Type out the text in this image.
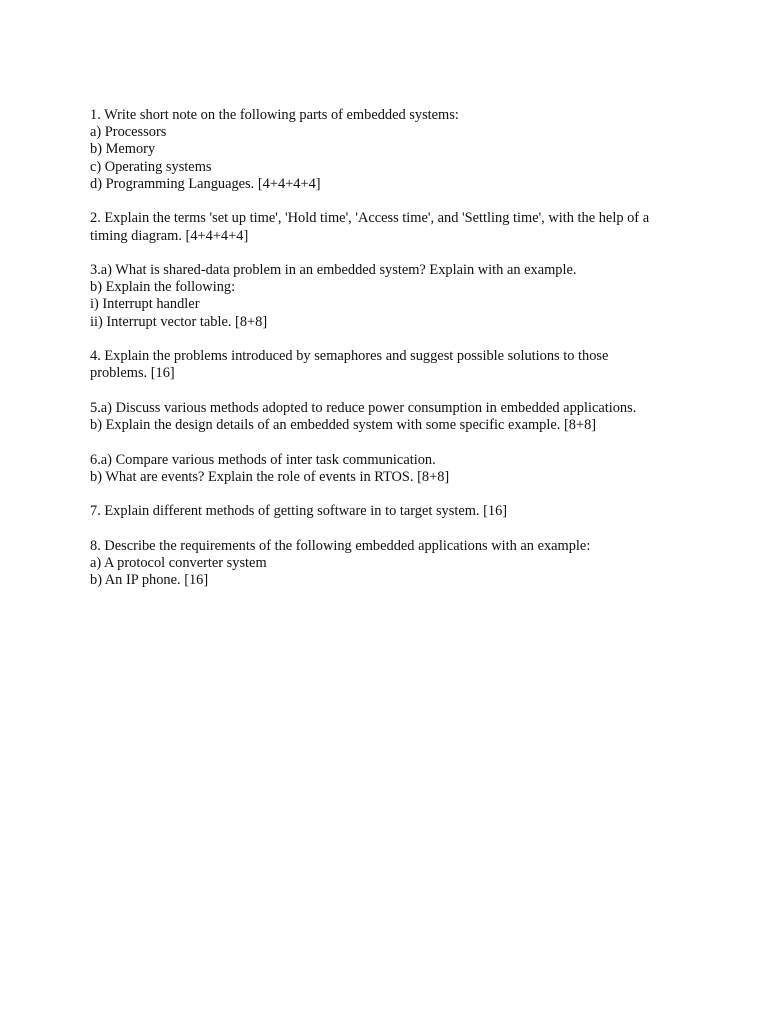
1. Write short note on the following parts of embedded systems:
a) Processors
b) Memory
c) Operating systems
d) Programming Languages. [4+4+4+4]
2. Explain the terms 'set up time', 'Hold time', 'Access time', and 'Settling time', with the help of a
timing diagram. [4+4+4+4]
3.a) What is shared-data problem in an embedded system? Explain with an example.
b) Explain the following:
i) Interrupt handler
ii) Interrupt vector table. [8+8]
4. Explain the problems introduced by semaphores and suggest possible solutions to those
problems. [16]
5.a) Discuss various methods adopted to reduce power consumption in embedded applications.
b) Explain the design details of an embedded system with some specific example. [8+8]
6.a) Compare various methods of inter task communication.
b) What are events? Explain the role of events in RTOS. [8+8]
7. Explain different methods of getting software in to target system. [16]
8. Describe the requirements of the following embedded applications with an example:
a) A protocol converter system
b) An IP phone. [16]
